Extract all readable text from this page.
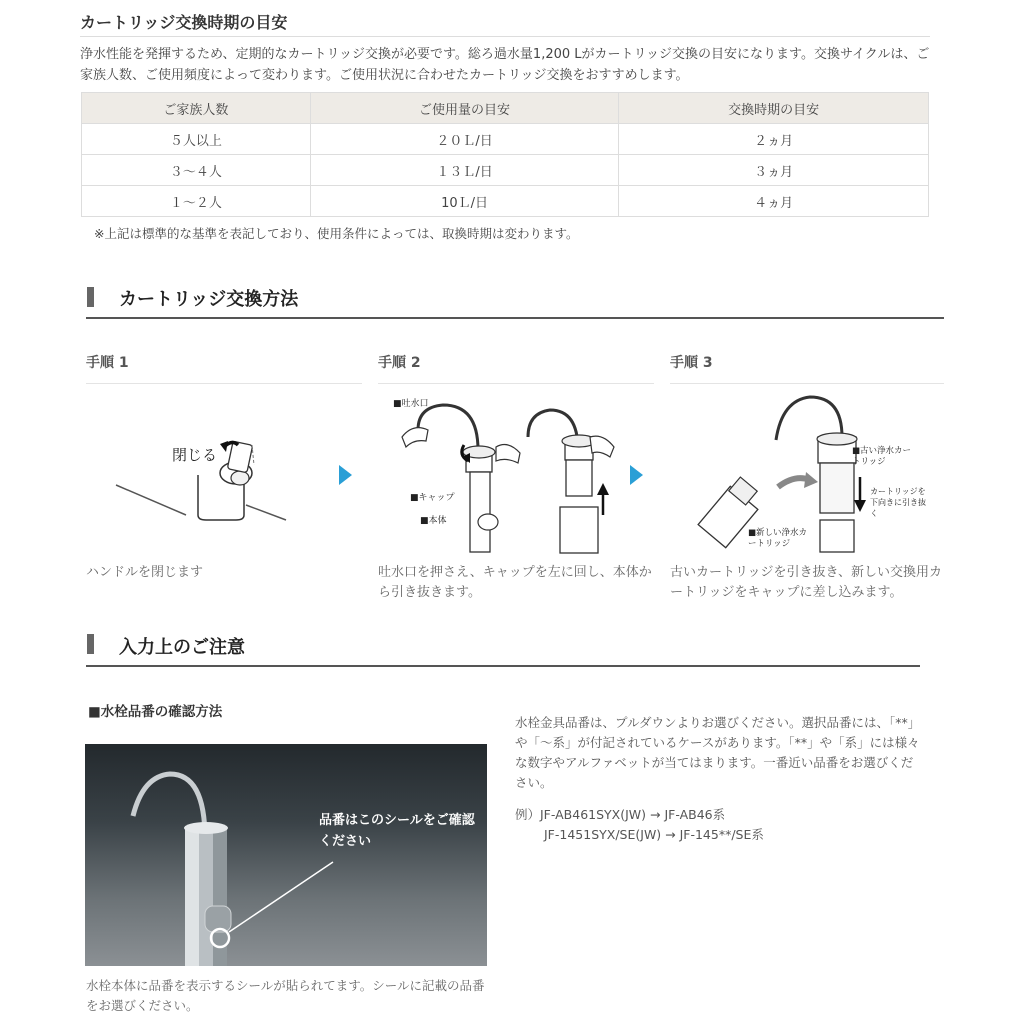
カートリッジ交換時期の目安
浄水性能を発揮するため、定期的なカートリッジ交換が必要です。総ろ過水量1,200 Lがカートリッジ交換の目安になります。交換サイクルは、ご家族人数、ご使用頻度によって変わります。ご使用状況に合わせたカートリッジ交換をおすすめします。
ご家族人数	ご使用量の目安	交換時期の目安
５人以上	２０Ｌ/日	２ヵ月
３～４人	１３Ｌ/日	３ヵ月
１～２人	10Ｌ/日	４ヵ月
※上記は標準的な基準を表記しており、使用条件によっては、取換時期は変わります。
カートリッジ交換方法
手順 1
閉じる
ハンドルを閉じます
手順 2
■吐水口
■キャップ
■本体
吐水口を押さえ、キャップを左に回し、本体から引き抜きます。
手順 3
■古い浄水カートリッジ
カートリッジを下向きに引き抜く
■新しい浄水カートリッジ
古いカートリッジを引き抜き、新しい交換用カートリッジをキャップに差し込みます。
入力上のご注意
■水栓品番の確認方法
品番はこのシールをご確認ください
水栓本体に品番を表示するシールが貼られてます。シールに記載の品番をお選びください。
水栓金具品番は、プルダウンよりお選びください。選択品番には、「**」や「～系」が付記されているケースがあります。「**」や「系」には様々な数字やアルファベットが当てはまります。一番近い品番をお選びください。
例）JF-AB461SYX(JW) → JF-AB46系
JF-1451SYX/SE(JW) → JF-145**/SE系
